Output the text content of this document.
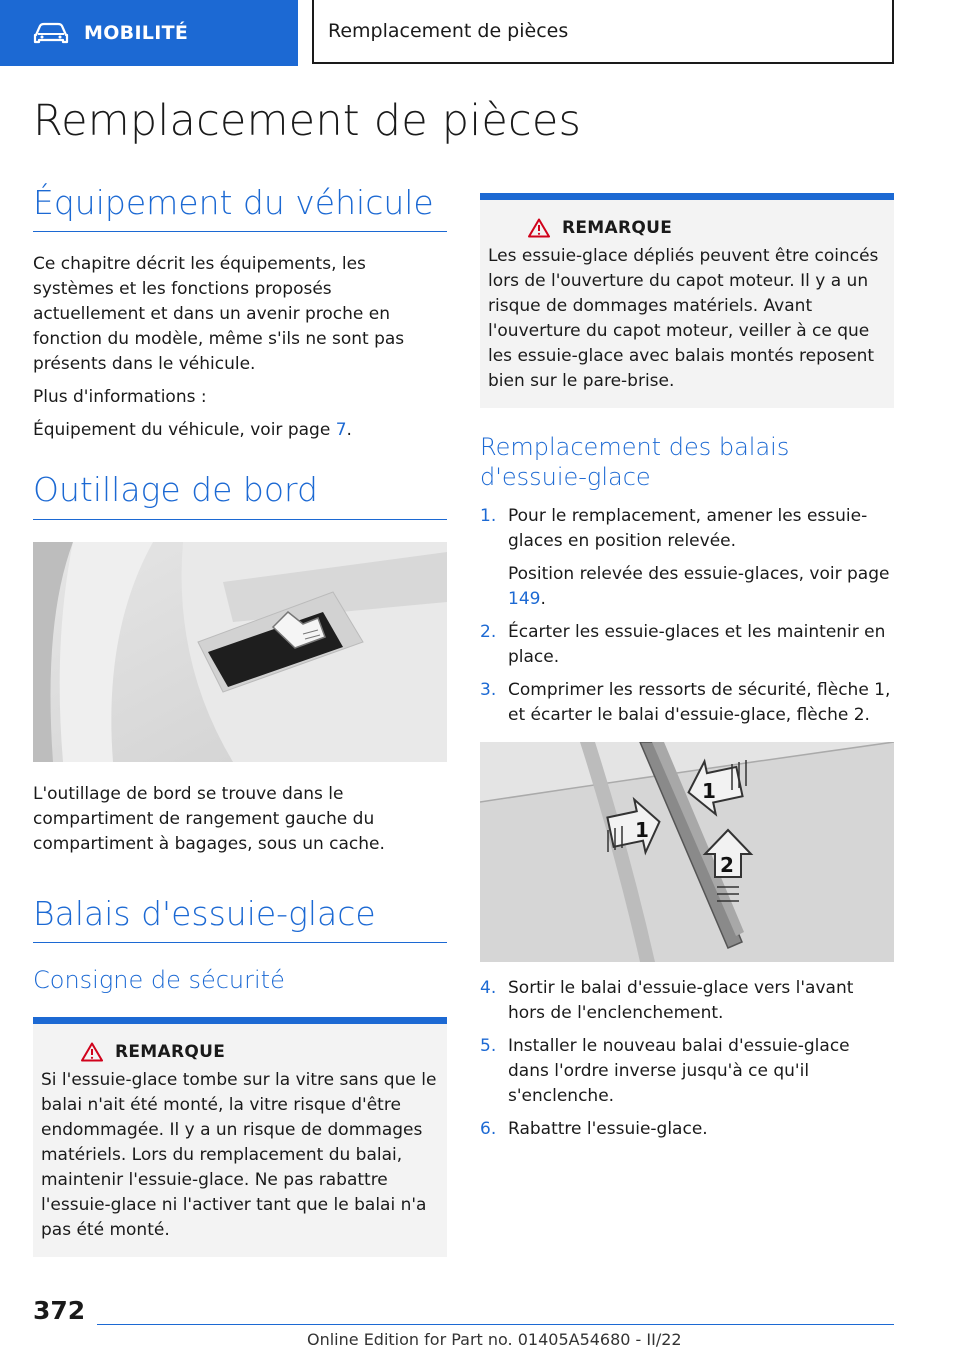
MOBILITÉ	Remplacement de pièces
Remplacement de pièces
Équipement du véhicule

Ce chapitre décrit les équipements, les systèmes et les fonctions proposés actuellement et dans un avenir proche en fonction du modèle, même s'ils ne sont pas présents dans le véhicule.

Plus d'informations :

Équipement du véhicule, voir page 7.

Outillage de bord

L'outillage de bord se trouve dans le compartiment de rangement gauche du compartiment à bagages, sous un cache.

Balais d'essuie-glace
Consigne de sécurité
REMARQUE

Si l'essuie-glace tombe sur la vitre sans que le balai n'ait été monté, la vitre risque d'être endommagée. Il y a un risque de dommages matériels. Lors du remplacement du balai, maintenir l'essuie-glace. Ne pas rabattre l'essuie-glace ni l'activer tant que le balai n'a pas été monté.

REMARQUE

Les essuie-glace dépliés peuvent être coincés lors de l'ouverture du capot moteur. Il y a un risque de dommages matériels. Avant l'ouverture du capot moteur, veiller à ce que les essuie-glace avec balais montés reposent bien sur le pare-brise.

Remplacement des balais d'essuie-glace
1. Pour le remplacement, amener les essuie-glaces en position relevée.

Position relevée des essuie-glaces, voir page 149.

2. Écarter les essuie-glaces et les maintenir en place.

3. Comprimer les ressorts de sécurité, flèche 1, et écarter le balai d'essuie-glace, flèche 2.

1
1
2
4. Sortir le balai d'essuie-glace vers l'avant hors de l'enclenchement.

5. Installer le nouveau balai d'essuie-glace dans l'ordre inverse jusqu'à ce qu'il s'enclenche.

6. Rabattre l'essuie-glace.

372
Online Edition for Part no. 01405A54680 - II/22
